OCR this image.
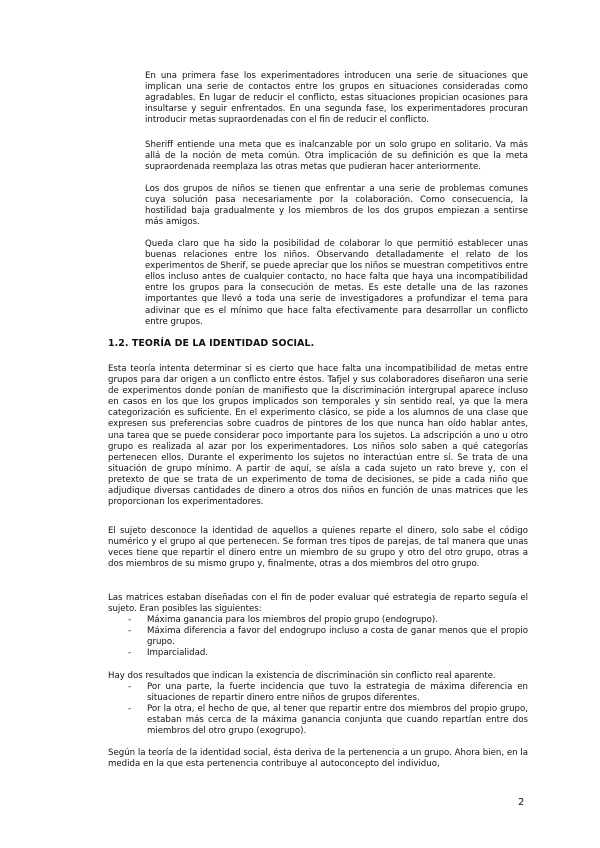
En una primera fase los experimentadores introducen una serie de situaciones que implican una serie de contactos entre los grupos en situaciones consideradas como agradables. En lugar de reducir el conflicto, estas situaciones propician ocasiones para insultarse y seguir enfrentados. En una segunda fase, los experimentadores procuran introducir metas supraordenadas con el fin de reducir el conflicto.

Sheriff entiende una meta que es inalcanzable por un solo grupo en solitario. Va más allá de la noción de meta común. Otra implicación de su definición es que la meta supraordenada reemplaza las otras metas que pudieran hacer anteriormente.

Los dos grupos de niños se tienen que enfrentar a una serie de problemas comunes cuya solución pasa necesariamente por la colaboración. Como consecuencia, la hostilidad baja gradualmente y los miembros de los dos grupos empiezan a sentirse más amigos.

Queda claro que ha sido la posibilidad de colaborar lo que permitió establecer unas buenas relaciones entre los niños. Observando detalladamente el relato de los experimentos de Sherif, se puede apreciar que los niños se muestran competitivos entre ellos incluso antes de cualquier contacto, no hace falta que haya una incompatibilidad entre los grupos para la consecución de metas. Es este detalle una de las razones importantes que llevó a toda una serie de investigadores a profundizar el tema para adivinar que es el mínimo que hace falta efectivamente para desarrollar un conflicto entre grupos.

1.2. TEORÍA DE LA IDENTIDAD SOCIAL.

Esta teoría intenta determinar si es cierto que hace falta una incompatibilidad de metas entre grupos para dar origen a un conflicto entre éstos. Tafjel y sus colaboradores diseñaron una serie de experimentos donde ponían de manifiesto que la discriminación intergrupal aparece incluso en casos en los que los grupos implicados son temporales y sin sentido real, ya que la mera categorización es suficiente. En el experimento clásico, se pide a los alumnos de una clase que expresen sus preferencias sobre cuadros de pintores de los que nunca han oído hablar antes, una tarea que se puede considerar poco importante para los sujetos. La adscripción a uno u otro grupo es realizada al azar por los experimentadores. Los niños solo saben a qué categorías pertenecen ellos. Durante el experimento los sujetos no interactúan entre sí. Se trata de una situación de grupo mínimo. A partir de aquí, se aísla a cada sujeto un rato breve y, con el pretexto de que se trata de un experimento de toma de decisiones, se pide a cada niño que adjudique diversas cantidades de dinero a otros dos niños en función de unas matrices que les proporcionan los experimentadores.

El sujeto desconoce la identidad de aquellos a quienes reparte el dinero, solo sabe el código numérico y el grupo al que pertenecen. Se forman tres tipos de parejas, de tal manera que unas veces tiene que repartir el dinero entre un miembro de su grupo y otro del otro grupo, otras a dos miembros de su mismo grupo y, finalmente, otras a dos miembros del otro grupo.

Las matrices estaban diseñadas con el fin de poder evaluar qué estrategia de reparto seguía el sujeto. Eran posibles las siguientes:

- Máxima ganancia para los miembros del propio grupo (endogrupo).
- Máxima diferencia a favor del endogrupo incluso a costa de ganar menos que el propio grupo.
- Imparcialidad.

Hay dos resultados que indican la existencia de discriminación sin conflicto real aparente.

- Por una parte, la fuerte incidencia que tuvo la estrategia de máxima diferencia en situaciones de repartir dinero entre niños de grupos diferentes.
- Por la otra, el hecho de que, al tener que repartir entre dos miembros del propio grupo, estaban más cerca de la máxima ganancia conjunta que cuando repartían entre dos miembros del otro grupo (exogrupo).

Según la teoría de la identidad social, ésta deriva de la pertenencia a un grupo. Ahora bien, en la medida en la que esta pertenencia contribuye al autoconcepto del individuo,

2
